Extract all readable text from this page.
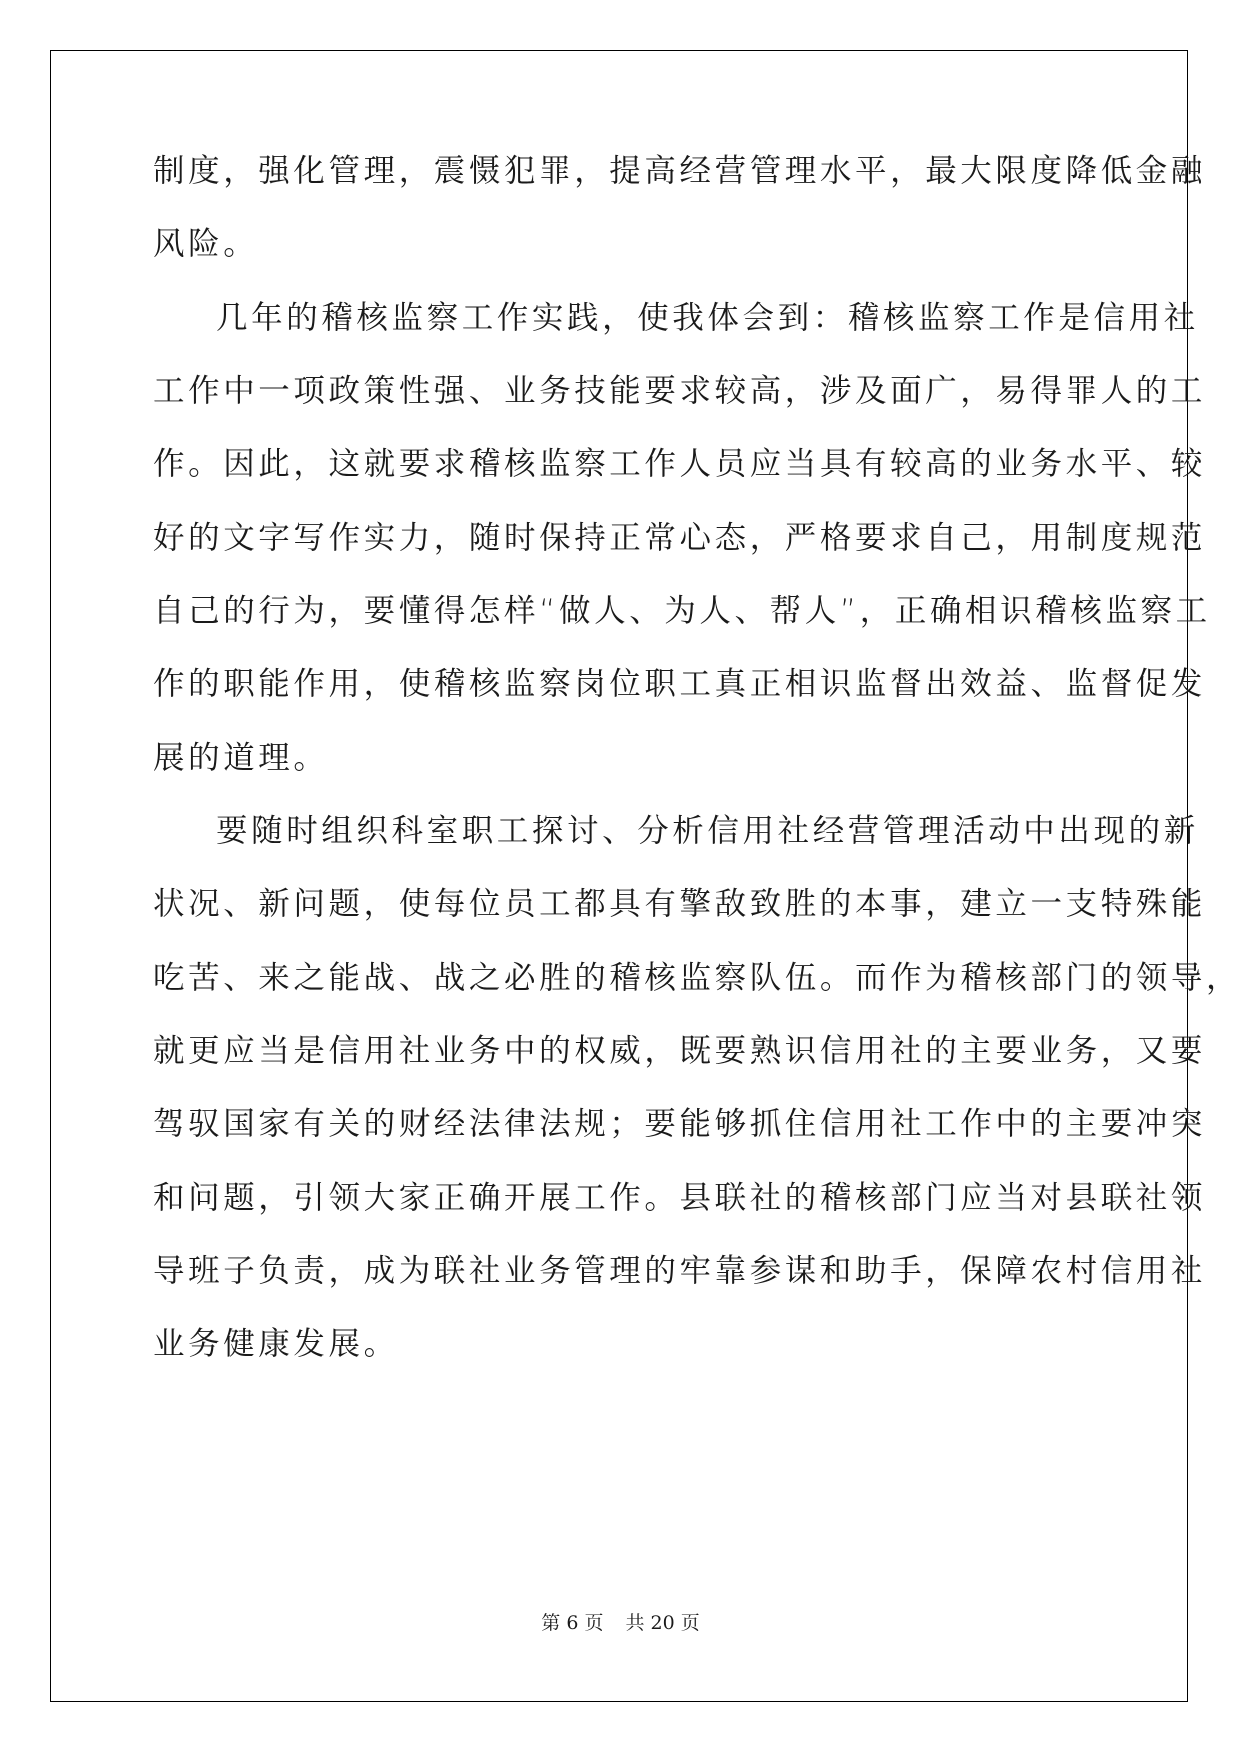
制度，强化管理，震慑犯罪，提高经营管理水平，最大限度降低金融

风险。

几年的稽核监察工作实践，使我体会到：稽核监察工作是信用社

工作中一项政策性强、业务技能要求较高，涉及面广，易得罪人的工

作。因此，这就要求稽核监察工作人员应当具有较高的业务水平、较

好的文字写作实力，随时保持正常心态，严格要求自己，用制度规范

自己的行为，要懂得怎样“做人、为人、帮人”，正确相识稽核监察工

作的职能作用，使稽核监察岗位职工真正相识监督出效益、监督促发

展的道理。

要随时组织科室职工探讨、分析信用社经营管理活动中出现的新

状况、新问题，使每位员工都具有擎敌致胜的本事，建立一支特殊能

吃苦、来之能战、战之必胜的稽核监察队伍。而作为稽核部门的领导，

就更应当是信用社业务中的权威，既要熟识信用社的主要业务，又要

驾驭国家有关的财经法律法规；要能够抓住信用社工作中的主要冲突

和问题，引领大家正确开展工作。县联社的稽核部门应当对县联社领

导班子负责，成为联社业务管理的牢靠参谋和助手，保障农村信用社

业务健康发展。

第 6 页 共 20 页
